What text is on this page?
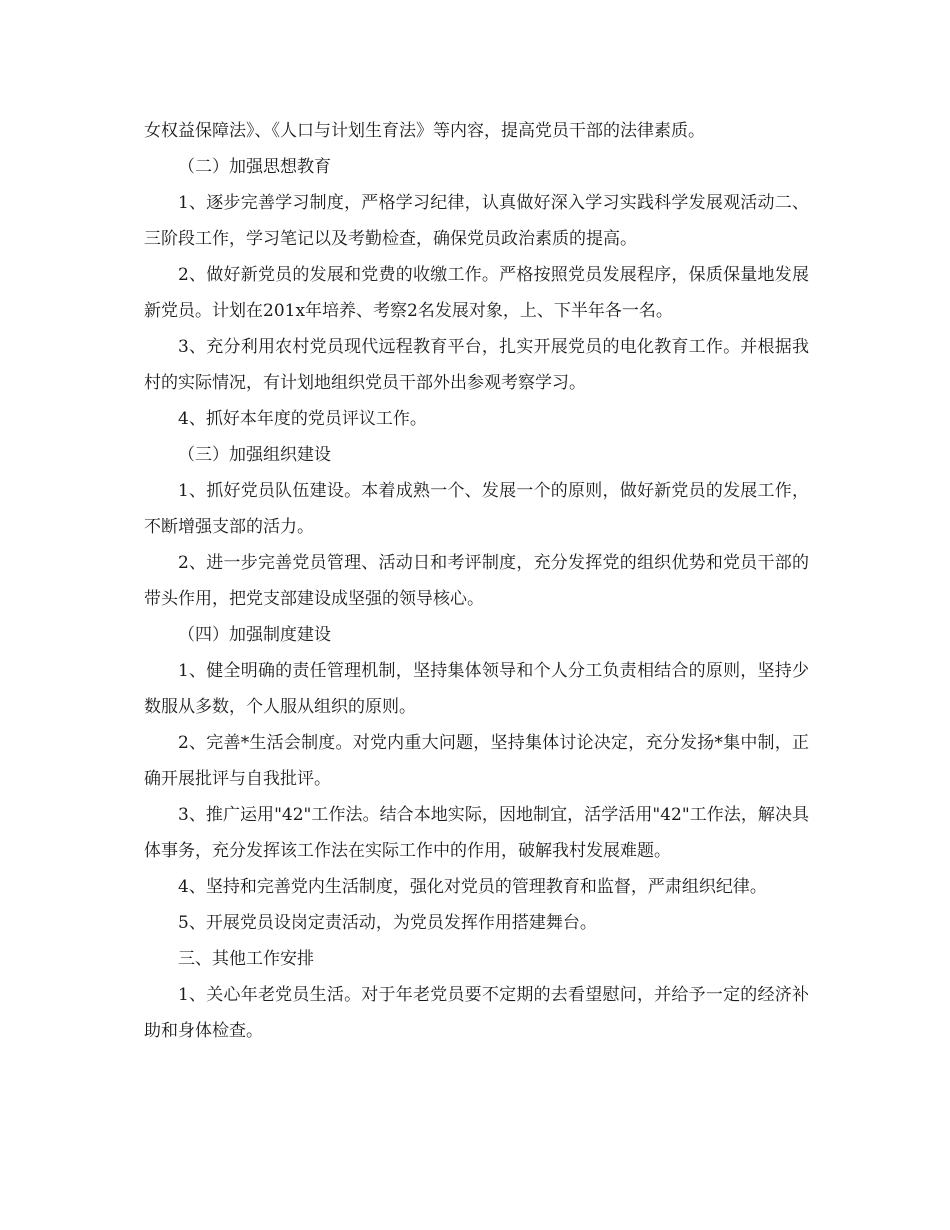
女权益保障法》、《人口与计划生育法》等内容，提高党员干部的法律素质。

（二）加强思想教育

1、逐步完善学习制度，严格学习纪律，认真做好深入学习实践科学发展观活动二、三阶段工作，学习笔记以及考勤检查，确保党员政治素质的提高。

2、做好新党员的发展和党费的收缴工作。严格按照党员发展程序，保质保量地发展新党员。计划在201x年培养、考察2名发展对象，上、下半年各一名。

3、充分利用农村党员现代远程教育平台，扎实开展党员的电化教育工作。并根据我村的实际情况，有计划地组织党员干部外出参观考察学习。

4、抓好本年度的党员评议工作。

（三）加强组织建设

1、抓好党员队伍建设。本着成熟一个、发展一个的原则，做好新党员的发展工作，不断增强支部的活力。

2、进一步完善党员管理、活动日和考评制度，充分发挥党的组织优势和党员干部的带头作用，把党支部建设成坚强的领导核心。

（四）加强制度建设

1、健全明确的责任管理机制，坚持集体领导和个人分工负责相结合的原则，坚持少数服从多数，个人服从组织的原则。

2、完善*生活会制度。对党内重大问题，坚持集体讨论决定，充分发扬*集中制，正确开展批评与自我批评。

3、推广运用"42"工作法。结合本地实际，因地制宜，活学活用"42"工作法，解决具体事务，充分发挥该工作法在实际工作中的作用，破解我村发展难题。

4、坚持和完善党内生活制度，强化对党员的管理教育和监督，严肃组织纪律。

5、开展党员设岗定责活动，为党员发挥作用搭建舞台。

三、其他工作安排

1、关心年老党员生活。对于年老党员要不定期的去看望慰问，并给予一定的经济补助和身体检查。
